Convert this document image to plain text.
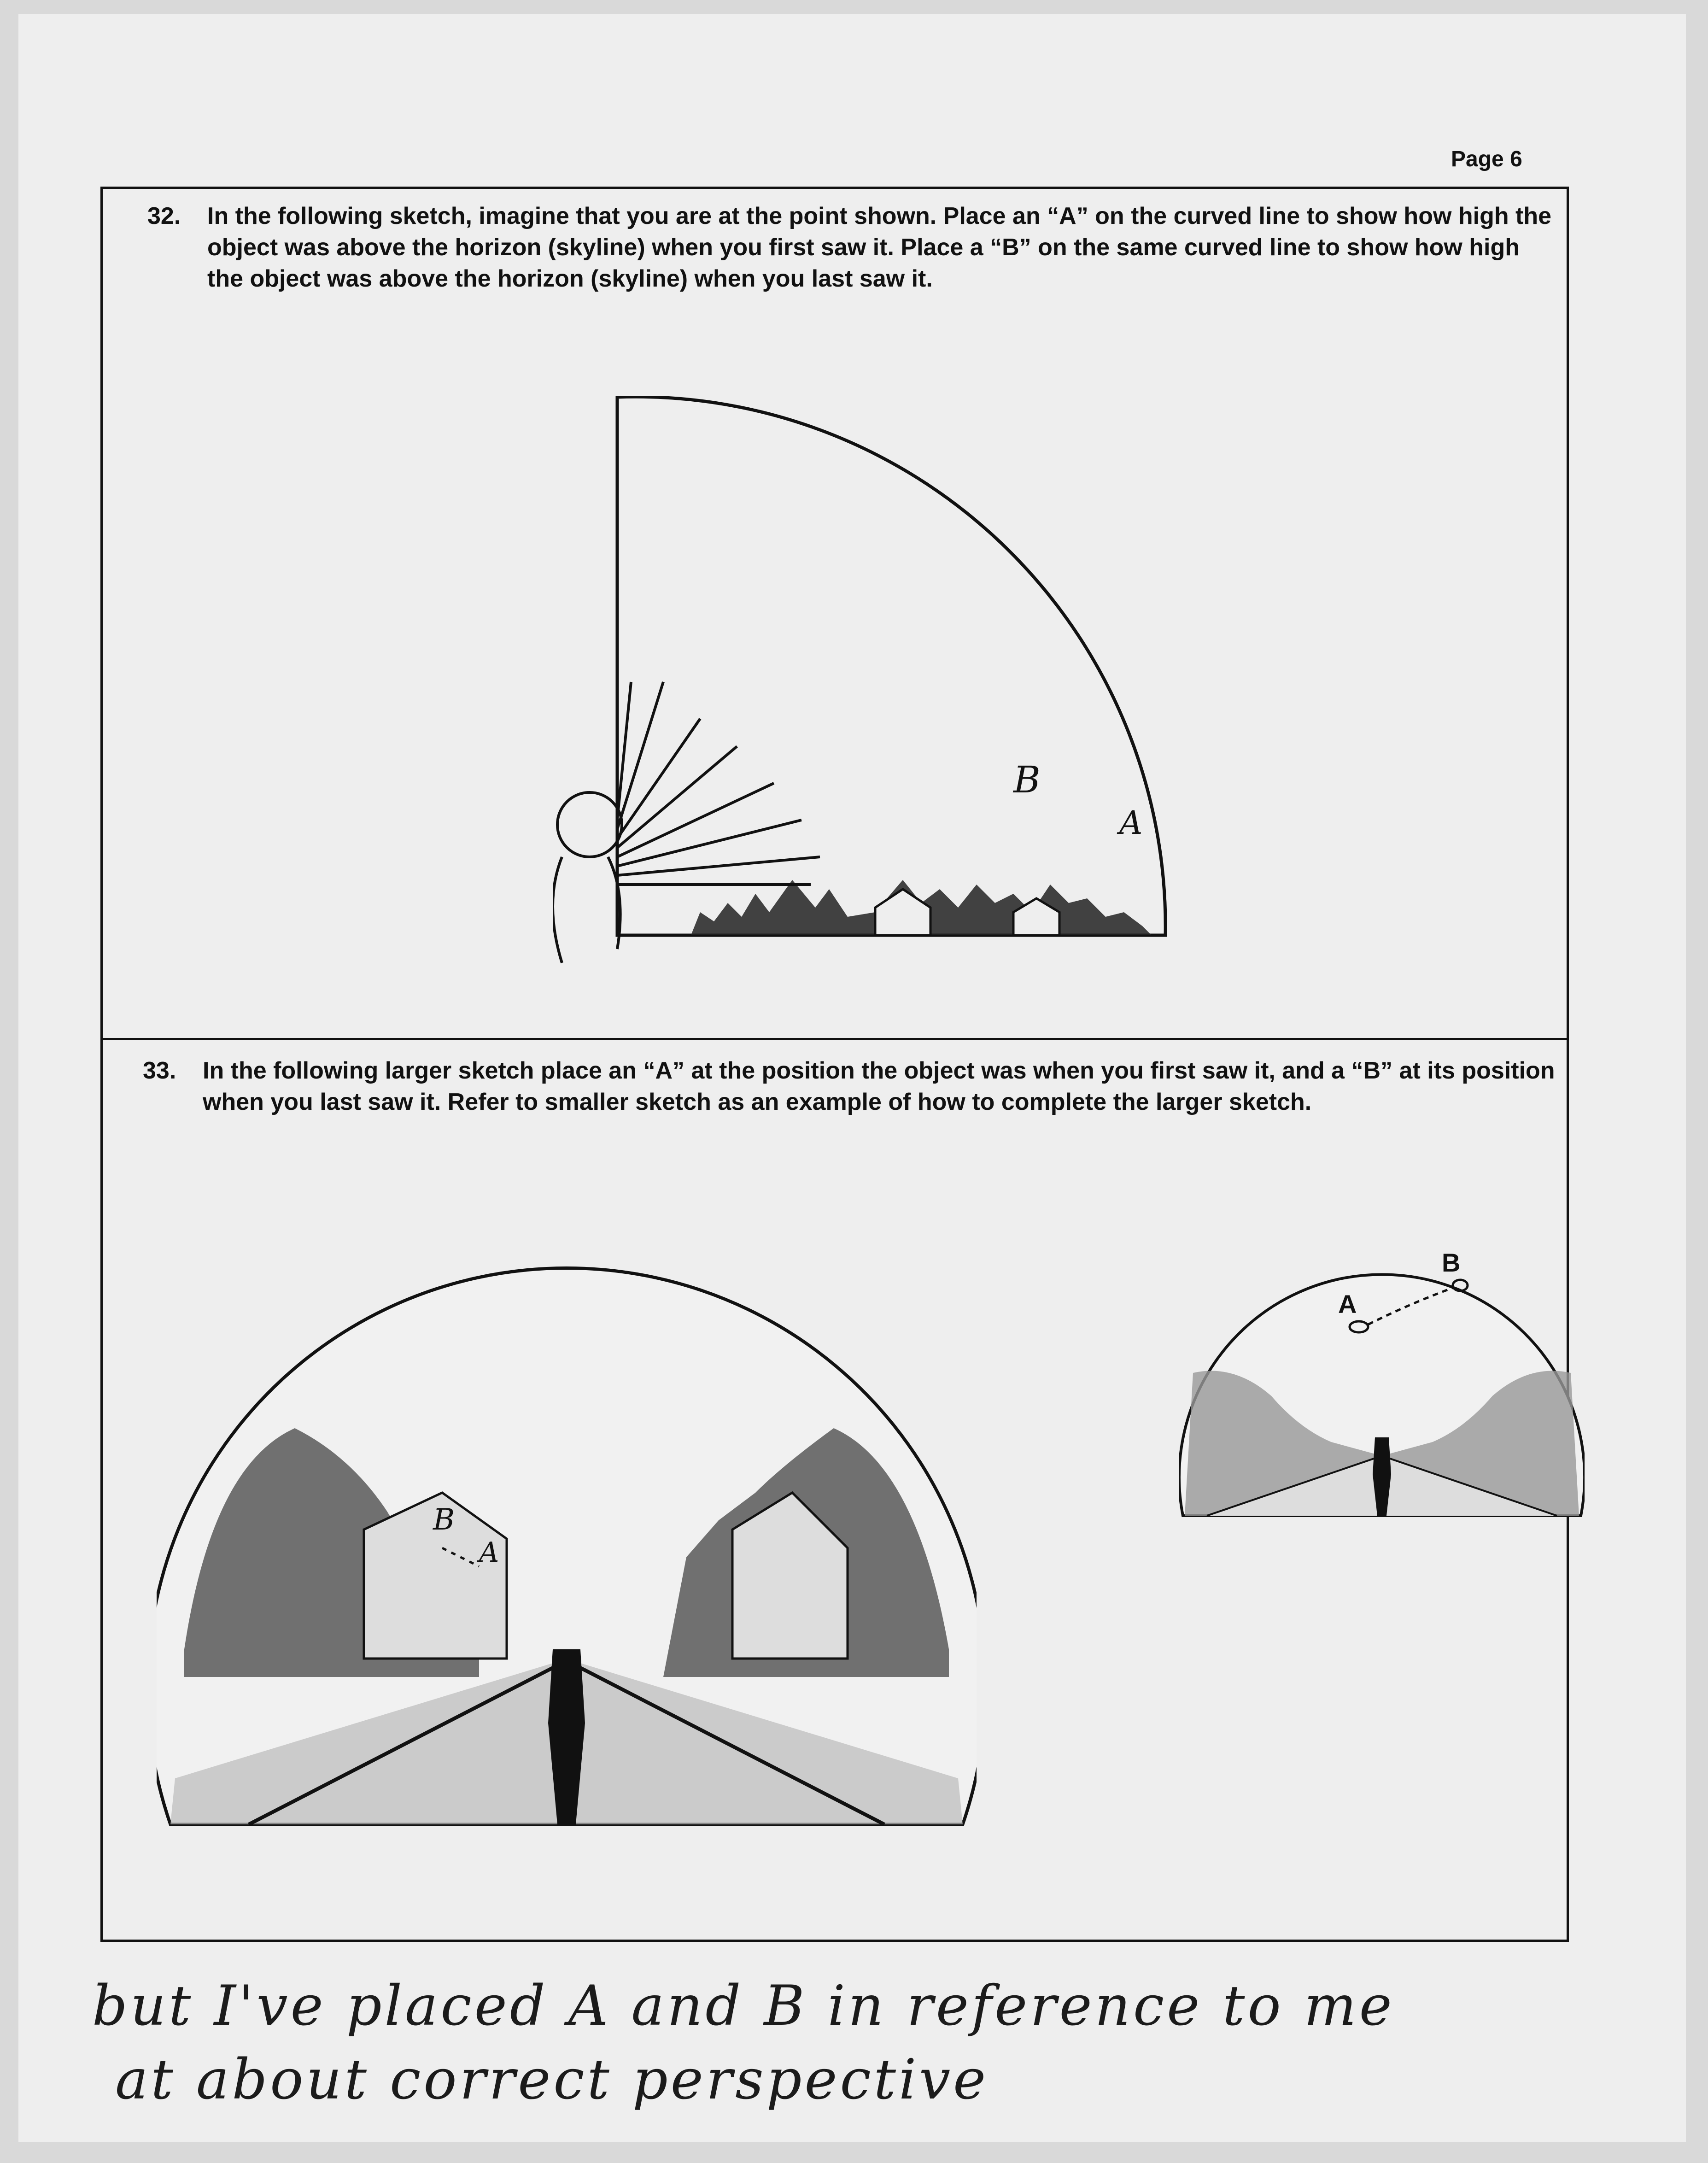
Page 6
32. In the following sketch, imagine that you are at the point shown. Place an “A” on the curved line to show how high the object was above the horizon (skyline) when you first saw it. Place a “B” on the same curved line to show how high the object was above the horizon (skyline) when you last saw it.
B
A
33. In the following larger sketch place an “A” at the position the object was when you first saw it, and a “B” at its position when you last saw it. Refer to smaller sketch as an example of how to complete the larger sketch.
B
A
A
B
but I've placed A and B in reference to me
at about correct perspective
